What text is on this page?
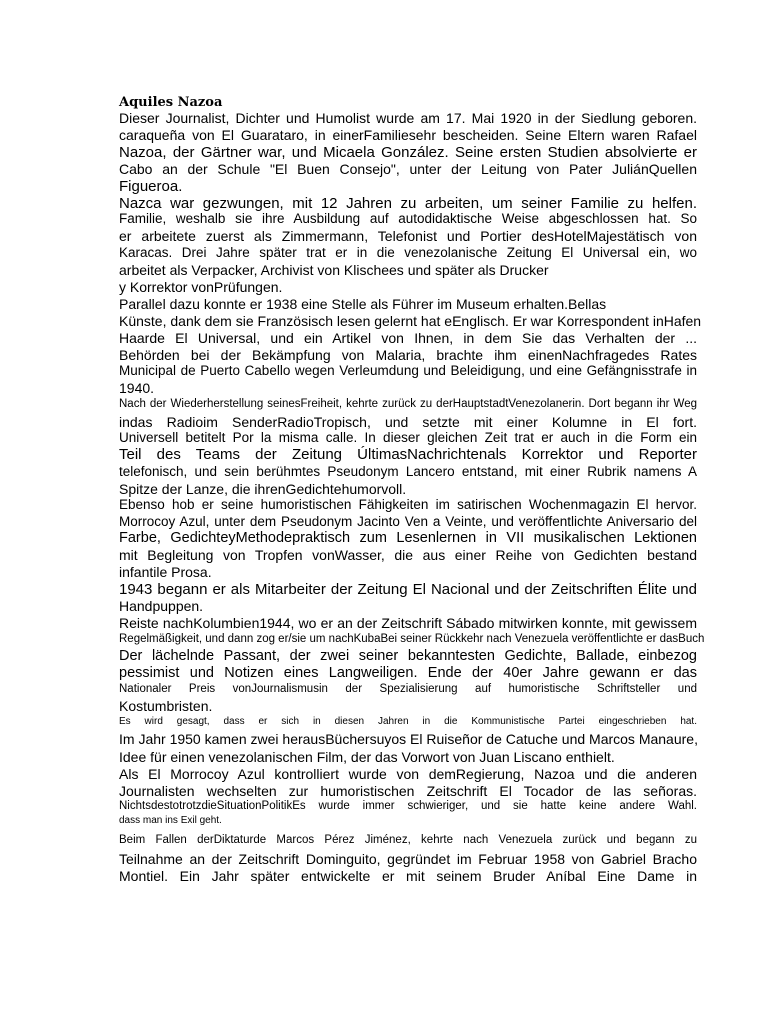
Aquiles Nazoa
Dieser Journalist, Dichter und Humolist wurde am 17. Mai 1920 in der Siedlung geboren.
caraqueña von El Guarataro, in einerFamiliesehr bescheiden. Seine Eltern waren Rafael
Nazoa, der Gärtner war, und Micaela González. Seine ersten Studien absolvierte er
Cabo an der Schule "El Buen Consejo", unter der Leitung von Pater JuliánQuellen
Figueroa.
Nazca war gezwungen, mit 12 Jahren zu arbeiten, um seiner Familie zu helfen.
Familie, weshalb sie ihre Ausbildung auf autodidaktische Weise abgeschlossen hat. So
er arbeitete zuerst als Zimmermann, Telefonist und Portier desHotelMajestätisch von
Karacas. Drei Jahre später trat er in die venezolanische Zeitung El Universal ein, wo
arbeitet als Verpacker, Archivist von Klischees und später als Drucker
y Korrektor vonPrüfungen.
Parallel dazu konnte er 1938 eine Stelle als Führer im Museum erhalten.Bellas
Künste, dank dem sie Französisch lesen gelernt hat eEnglisch. Er war Korrespondent inHafen
Haarde El Universal, und ein Artikel von Ihnen, in dem Sie das Verhalten der ...
Behörden bei der Bekämpfung von Malaria, brachte ihm einenNachfragedes Rates
Municipal de Puerto Cabello wegen Verleumdung und Beleidigung, und eine Gefängnisstrafe in
1940.
Nach der Wiederherstellung seinesFreiheit, kehrte zurück zu derHauptstadtVenezolanerin. Dort begann ihr Weg
indas Radioim SenderRadioTropisch, und setzte mit einer Kolumne in El fort.
Universell betitelt Por la misma calle. In dieser gleichen Zeit trat er auch in die Form ein
Teil des Teams der Zeitung ÚltimasNachrichtenals Korrektor und Reporter
telefonisch, und sein berühmtes Pseudonym Lancero entstand, mit einer Rubrik namens A
Spitze der Lanze, die ihrenGedichtehumorvoll.
Ebenso hob er seine humoristischen Fähigkeiten im satirischen Wochenmagazin El hervor.
Morrocoy Azul, unter dem Pseudonym Jacinto Ven a Veinte, und veröffentlichte Aniversario del
Farbe, GedichteyMethodepraktisch zum Lesenlernen in VII musikalischen Lektionen
mit Begleitung von Tropfen vonWasser, die aus einer Reihe von Gedichten bestand
infantile Prosa.
1943 begann er als Mitarbeiter der Zeitung El Nacional und der Zeitschriften Élite und
Handpuppen.
Reiste nachKolumbien1944, wo er an der Zeitschrift Sábado mitwirken konnte, mit gewissem
Regelmäßigkeit, und dann zog er/sie um nachKubaBei seiner Rückkehr nach Venezuela veröffentlichte er dasBuch
Der lächelnde Passant, der zwei seiner bekanntesten Gedichte, Ballade, einbezog
pessimist und Notizen eines Langweiligen. Ende der 40er Jahre gewann er das
Nationaler Preis vonJournalismusin der Spezialisierung auf humoristische Schriftsteller und
Kostumbristen.
Es wird gesagt, dass er sich in diesen Jahren in die Kommunistische Partei eingeschrieben hat.
Im Jahr 1950 kamen zwei herausBüchersuyos El Ruiseñor de Catuche und Marcos Manaure,
Idee für einen venezolanischen Film, der das Vorwort von Juan Liscano enthielt.
Als El Morrocoy Azul kontrolliert wurde von demRegierung, Nazoa und die anderen
Journalisten wechselten zur humoristischen Zeitschrift El Tocador de las señoras.
NichtsdestotrotzdieSituationPolitikEs wurde immer schwieriger, und sie hatte keine andere Wahl.
dass man ins Exil geht.
Beim Fallen derDiktaturde Marcos Pérez Jiménez, kehrte nach Venezuela zurück und begann zu
Teilnahme an der Zeitschrift Dominguito, gegründet im Februar 1958 von Gabriel Bracho
Montiel. Ein Jahr später entwickelte er mit seinem Bruder Aníbal Eine Dame in
